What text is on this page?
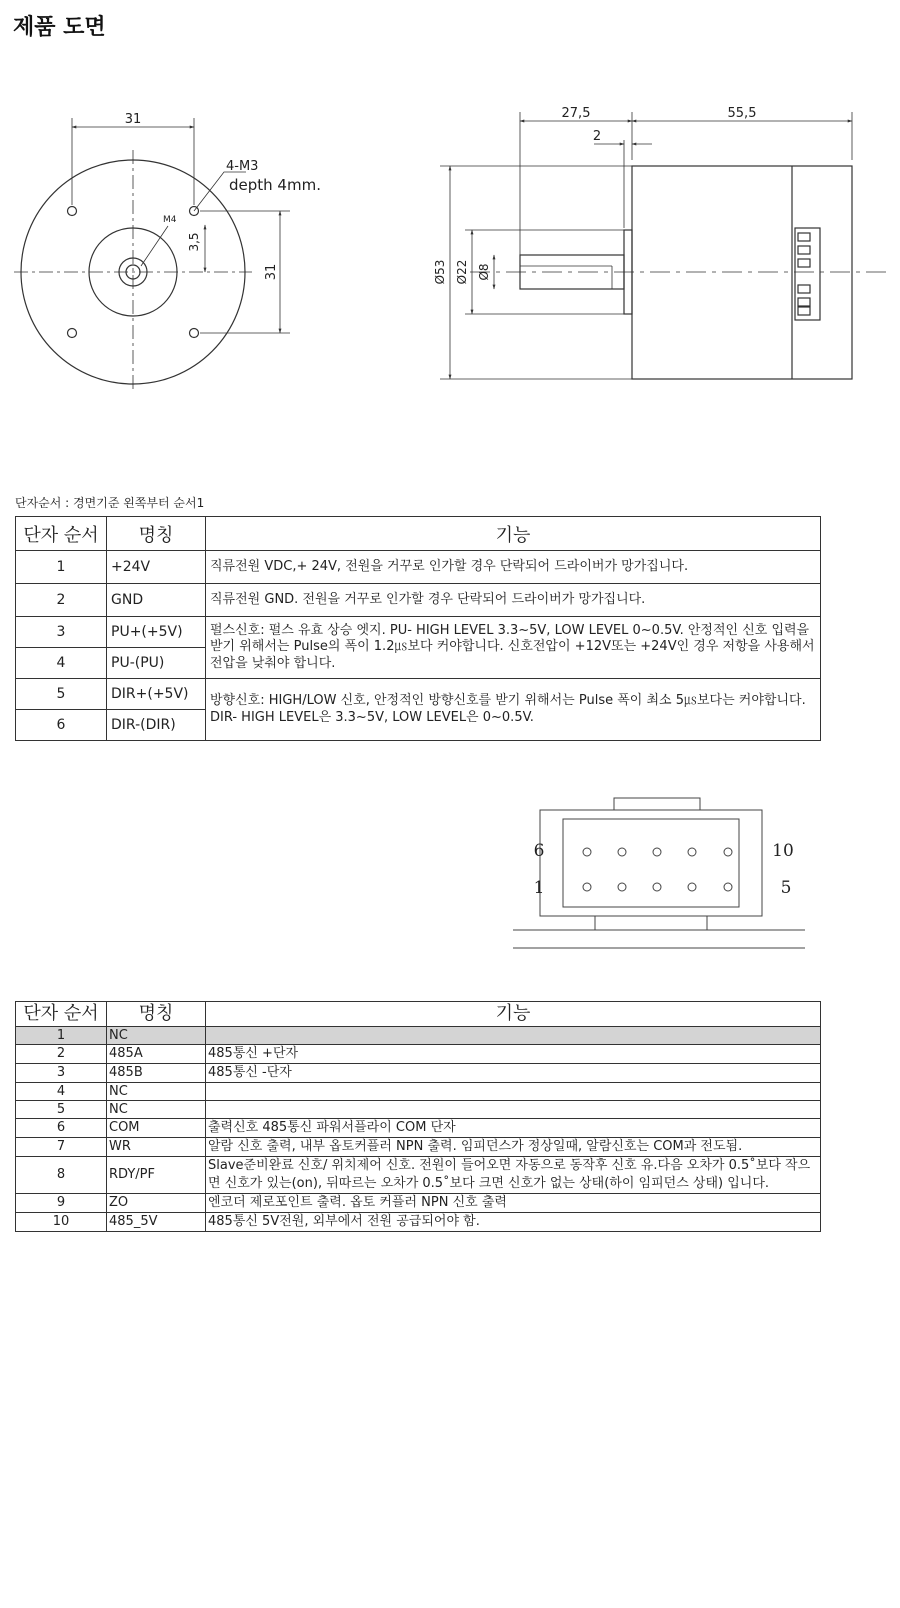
제품 도면
31
31
4-M3
depth 4mm.
M4
3,5
27,5	55,5
2
Ø53 Ø22 Ø8
단자순서 : 경면기준 왼쪽부터 순서1
단자 순서	명칭	기능
1	+24V	직류전원 VDC,+ 24V, 전원을 거꾸로 인가할 경우 단락되어 드라이버가 망가집니다.
2	GND	직류전원 GND. 전원을 거꾸로 인가할 경우 단락되어 드라이버가 망가집니다.
3	PU+(+5V)	펄스신호: 펄스 유효 상승 엣지. PU- HIGH LEVEL 3.3~5V, LOW LEVEL 0~0.5V. 안정적인 신호 입력을 받기 위해서는 Pulse의 폭이 1.2㎲보다 커야합니다. 신호전압이 +12V또는 +24V인 경우 저항을 사용해서 전압을 낮춰야 합니다.
4	PU-(PU)	
5	DIR+(+5V)	방향신호: HIGH/LOW 신호, 안정적인 방향신호를 받기 위해서는 Pulse 폭이 최소 5㎲보다는 커야합니다. DIR- HIGH LEVEL은 3.3~5V, LOW LEVEL은 0~0.5V.
6	DIR-(DIR)	
6
1
10
5
단자 순서	명칭	기능
1	NC	
2	485A	485통신 +단자
3	485B	485통신 -단자
4	NC	
5	NC	
6	COM	출력신호 485통신 파워서플라이 COM 단자
7	WR	알람 신호 출력, 내부 옵토커플러 NPN 출력. 임피던스가 정상일때, 알람신호는 COM과 전도됨.
8	RDY/PF	Slave준비완료 신호/ 위치제어 신호. 전원이 들어오면 자동으로 동작후 신호 유.다음 오차가 0.5˚보다 작으면 신호가 있는(on), 뒤따르는 오차가 0.5˚보다 크면 신호가 없는 상태(하이 임피던스 상태) 입니다.
9	ZO	엔코더 제로포인트 출력. 옵토 커플러 NPN 신호 출력
10	485_5V	485통신 5V전원, 외부에서 전원 공급되어야 함.
